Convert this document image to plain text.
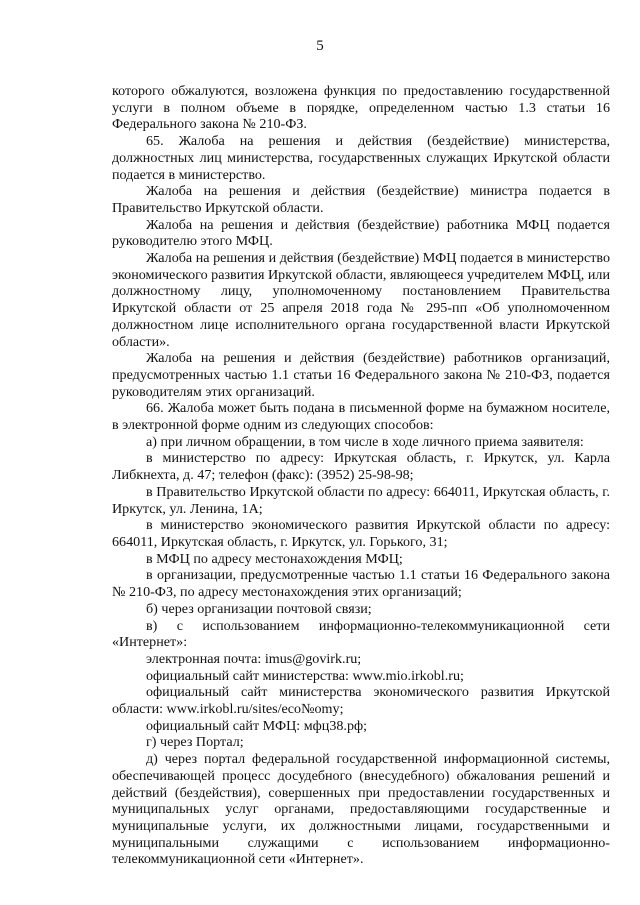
5

которого обжалуются, возложена функция по предоставлению государственной услуги в полном объеме в порядке, определенном частью 1.3 статьи 16 Федерального закона № 210-ФЗ.

65. Жалоба на решения и действия (бездействие) министерства, должностных лиц министерства, государственных служащих Иркутской области подается в министерство.

Жалоба на решения и действия (бездействие) министра подается в Правительство Иркутской области.

Жалоба на решения и действия (бездействие) работника МФЦ подается руководителю этого МФЦ.

Жалоба на решения и действия (бездействие) МФЦ подается в министерство экономического развития Иркутской области, являющееся учредителем МФЦ, или должностному лицу, уполномоченному постановлением Правительства Иркутской области от 25 апреля 2018 года № 295-пп «Об уполномоченном должностном лице исполнительного органа государственной власти Иркутской области».

Жалоба на решения и действия (бездействие) работников организаций, предусмотренных частью 1.1 статьи 16 Федерального закона № 210-ФЗ, подается руководителям этих организаций.

66. Жалоба может быть подана в письменной форме на бумажном носителе, в электронной форме одним из следующих способов:

а) при личном обращении, в том числе в ходе личного приема заявителя:

в министерство по адресу: Иркутская область, г. Иркутск, ул. Карла Либкнехта, д. 47; телефон (факс): (3952) 25-98-98;

в Правительство Иркутской области по адресу: 664011, Иркутская область, г. Иркутск, ул. Ленина, 1А;

в министерство экономического развития Иркутской области по адресу: 664011, Иркутская область, г. Иркутск, ул. Горького, 31;

в МФЦ по адресу местонахождения МФЦ;

в организации, предусмотренные частью 1.1 статьи 16 Федерального закона № 210-ФЗ, по адресу местонахождения этих организаций;

б) через организации почтовой связи;

в) с использованием информационно-телекоммуникационной сети «Интернет»:

электронная почта: imus@govirk.ru;

официальный сайт министерства: www.mio.irkobl.ru;

официальный сайт министерства экономического развития Иркутской области: www.irkobl.ru/sites/eco№omy;

официальный сайт МФЦ: мфц38.рф;

г) через Портал;

д) через портал федеральной государственной информационной системы, обеспечивающей процесс досудебного (внесудебного) обжалования решений и действий (бездействия), совершенных при предоставлении государственных и муниципальных услуг органами, предоставляющими государственные и муниципальные услуги, их должностными лицами, государственными и муниципальными служащими с использованием информационно-телекоммуникационной сети «Интернет».
